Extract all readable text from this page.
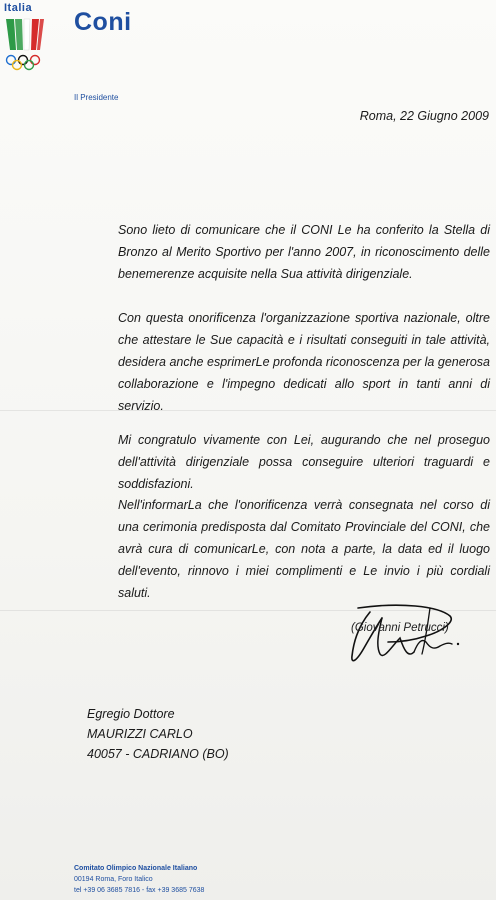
Italia Coni
Il Presidente
Roma, 22 Giugno 2009

Sono lieto di comunicare che il CONI Le ha conferito la Stella di Bronzo al Merito Sportivo per l'anno 2007, in riconoscimento delle benemerenze acquisite nella Sua attività dirigenziale.

Con questa onorificenza l'organizzazione sportiva nazionale, oltre che attestare le Sue capacità e i risultati conseguiti in tale attività, desidera anche esprimerLe profonda riconoscenza per la generosa collaborazione e l'impegno dedicati allo sport in tanti anni di servizio.

Mi congratulo vivamente con Lei, augurando che nel proseguo dell'attività dirigenziale possa conseguire ulteriori traguardi e soddisfazioni.

Nell'informarLa che l'onorificenza verrà consegnata nel corso di una cerimonia predisposta dal Comitato Provinciale del CONI, che avrà cura di comunicarLe, con nota a parte, la data ed il luogo dell'evento, rinnovo i miei complimenti e Le invio i più cordiali saluti.

(Giovanni Petrucci)
Egregio Dottore
MAURIZZI CARLO
40057 - CADRIANO (BO)
Comitato Olimpico Nazionale Italiano
00194 Roma, Foro Italico
tel +39 06 3685 7816 - fax +39 3685 7638
